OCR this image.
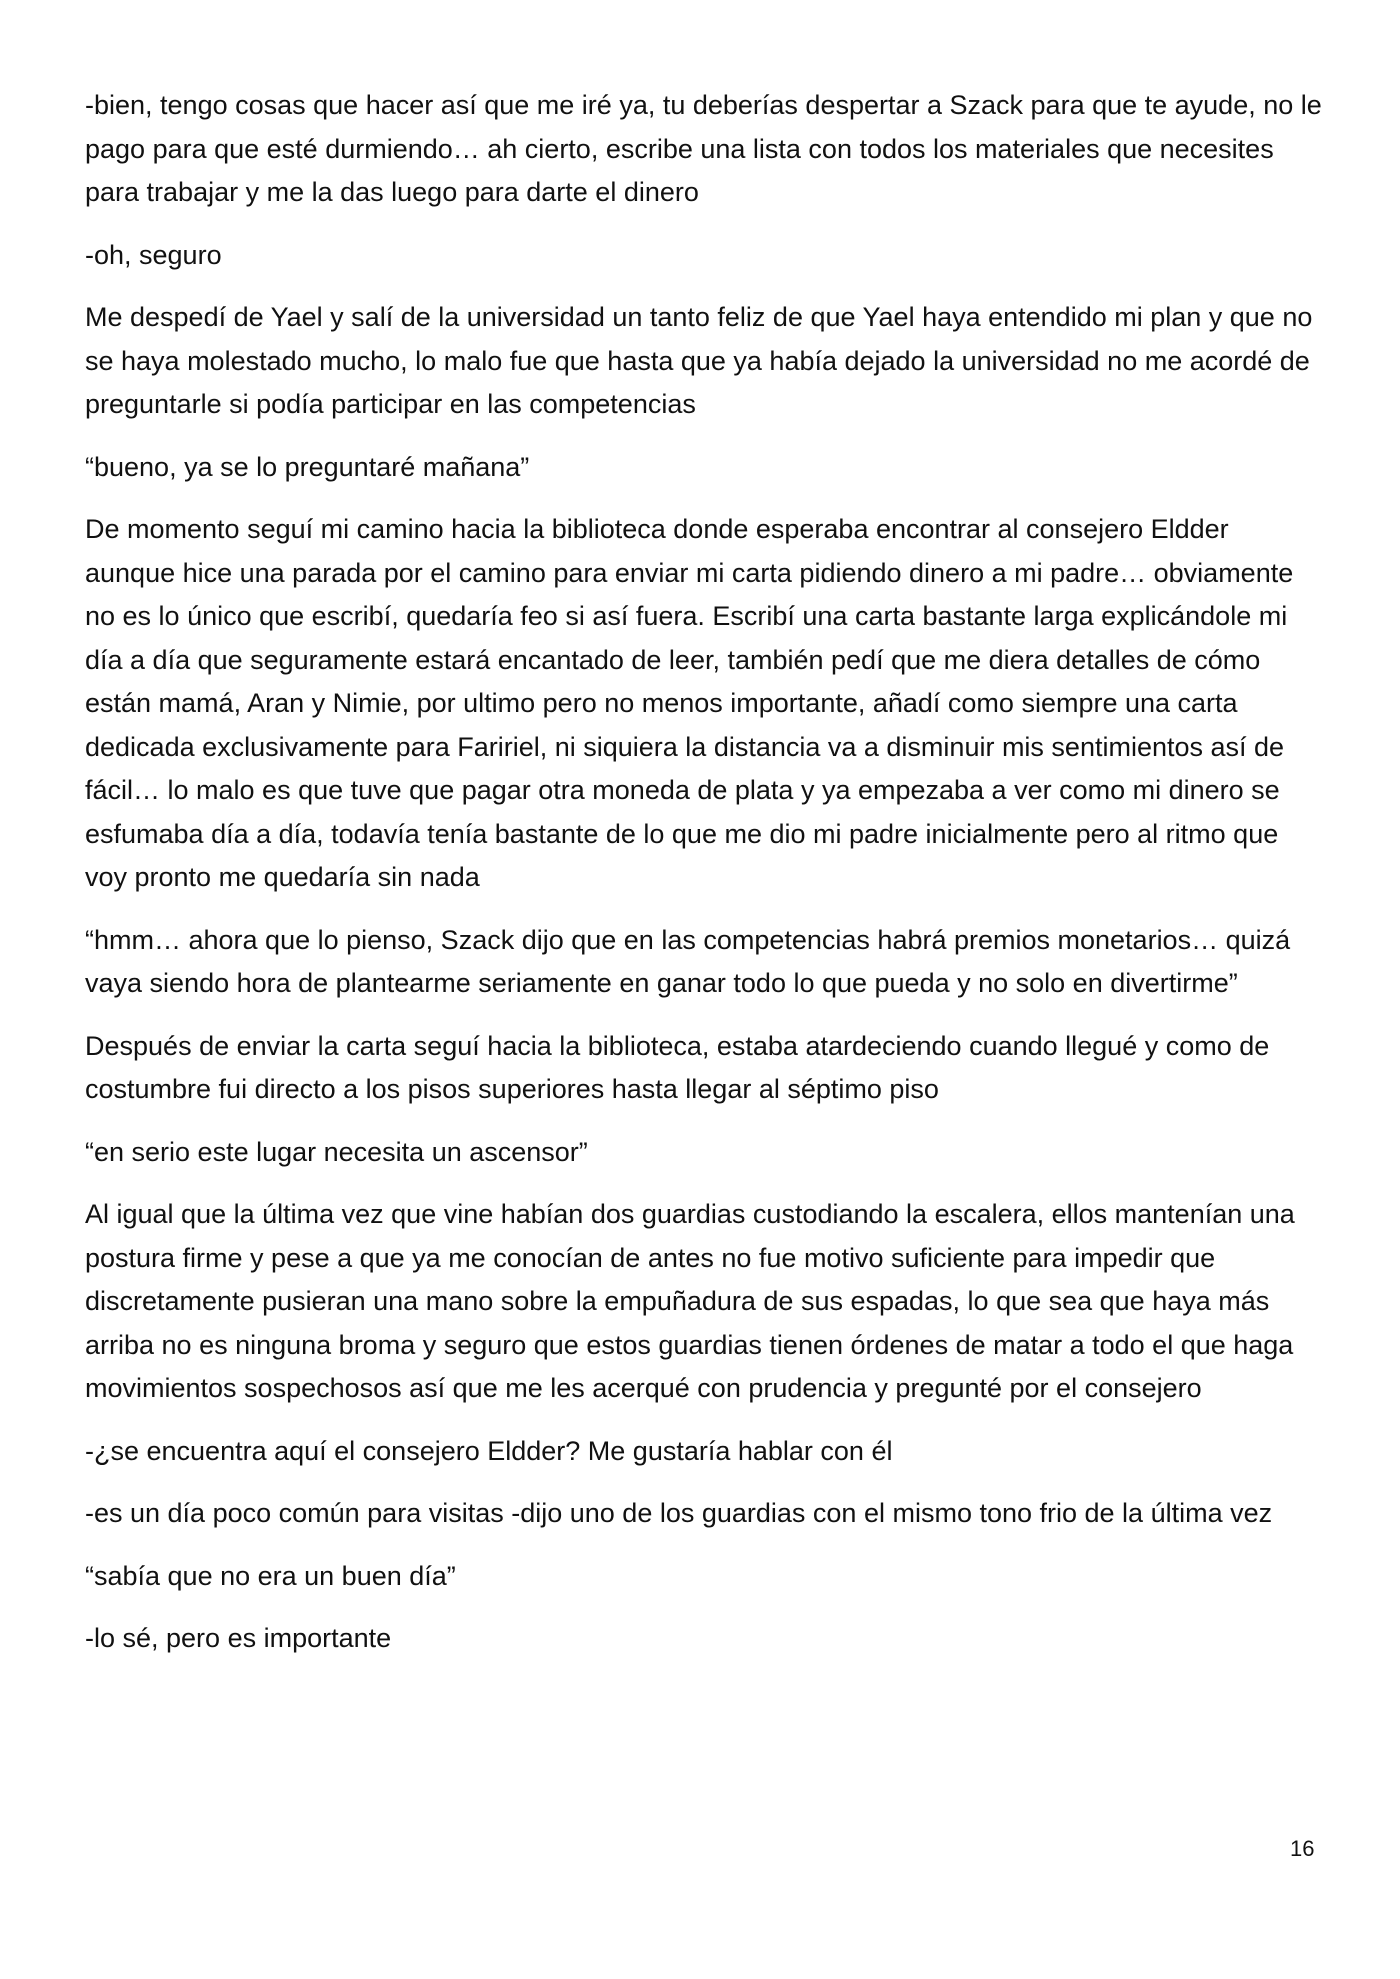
-bien, tengo cosas que hacer así que me iré ya, tu deberías despertar a Szack para que te ayude, no le pago para que esté durmiendo… ah cierto, escribe una lista con todos los materiales que necesites para trabajar y me la das luego para darte el dinero

-oh, seguro

Me despedí de Yael y salí de la universidad un tanto feliz de que Yael haya entendido mi plan y que no se haya molestado mucho, lo malo fue que hasta que ya había dejado la universidad no me acordé de preguntarle si podía participar en las competencias

“bueno, ya se lo preguntaré mañana”

De momento seguí mi camino hacia la biblioteca donde esperaba encontrar al consejero Eldder aunque hice una parada por el camino para enviar mi carta pidiendo dinero a mi padre… obviamente no es lo único que escribí, quedaría feo si así fuera. Escribí una carta bastante larga explicándole mi día a día que seguramente estará encantado de leer, también pedí que me diera detalles de cómo están mamá, Aran y Nimie, por ultimo pero no menos importante, añadí como siempre una carta dedicada exclusivamente para Faririel, ni siquiera la distancia va a disminuir mis sentimientos así de fácil… lo malo es que tuve que pagar otra moneda de plata y ya empezaba a ver como mi dinero se esfumaba día a día, todavía tenía bastante de lo que me dio mi padre inicialmente pero al ritmo que voy pronto me quedaría sin nada

“hmm… ahora que lo pienso, Szack dijo que en las competencias habrá premios monetarios… quizá vaya siendo hora de plantearme seriamente en ganar todo lo que pueda y no solo en divertirme”

Después de enviar la carta seguí hacia la biblioteca, estaba atardeciendo cuando llegué y como de costumbre fui directo a los pisos superiores hasta llegar al séptimo piso

“en serio este lugar necesita un ascensor”

Al igual que la última vez que vine habían dos guardias custodiando la escalera, ellos mantenían una postura firme y pese a que ya me conocían de antes no fue motivo suficiente para impedir que discretamente pusieran una mano sobre la empuñadura de sus espadas, lo que sea que haya más arriba no es ninguna broma y seguro que estos guardias tienen órdenes de matar a todo el que haga movimientos sospechosos así que me les acerqué con prudencia y pregunté por el consejero

-¿se encuentra aquí el consejero Eldder? Me gustaría hablar con él

-es un día poco común para visitas -dijo uno de los guardias con el mismo tono frio de la última vez

“sabía que no era un buen día”

-lo sé, pero es importante

16
